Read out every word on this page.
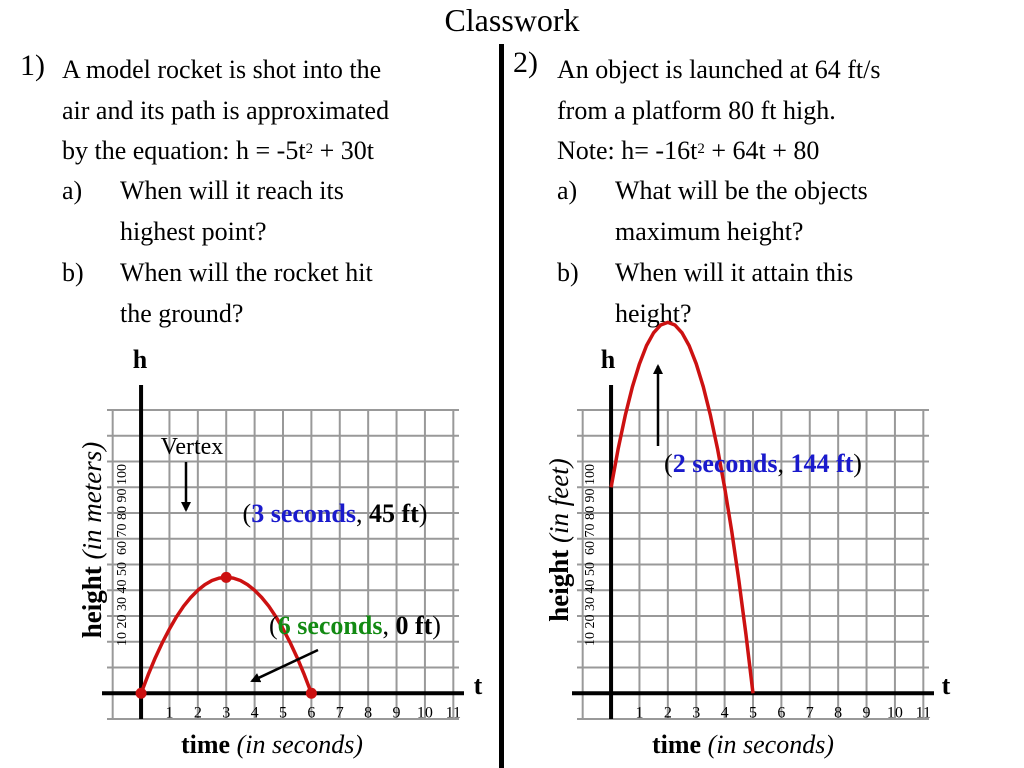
Classwork
1) A model rocket is shot into the
air and its path is approximated
by the equation: $h = -5t^2 + 30t$
a) When will it reach its
highest point?
b) When will the rocket hit
the ground?
2) An object is launched at 64 ft/s
from a platform 80 ft high.
Note: $h= -16t^2 + 64t + 80$
a) What will be the objects
maximum height?
b) When will it attain this
height?
1 2 3 4 5 6 7 8 9 10 11
h
t
time (in seconds)
height (in meters) 10 20 30 40 50  60 70 80 90 100
Vertex
(3 seconds, 45 ft)
(6 seconds, 0 ft)
1 2 3 4 5 6 7 8 9 10 11
h
t
time (in seconds)
height (in feet) 10 20 30 40 50  60 70 80 90 100
(2 seconds, 144 ft)
